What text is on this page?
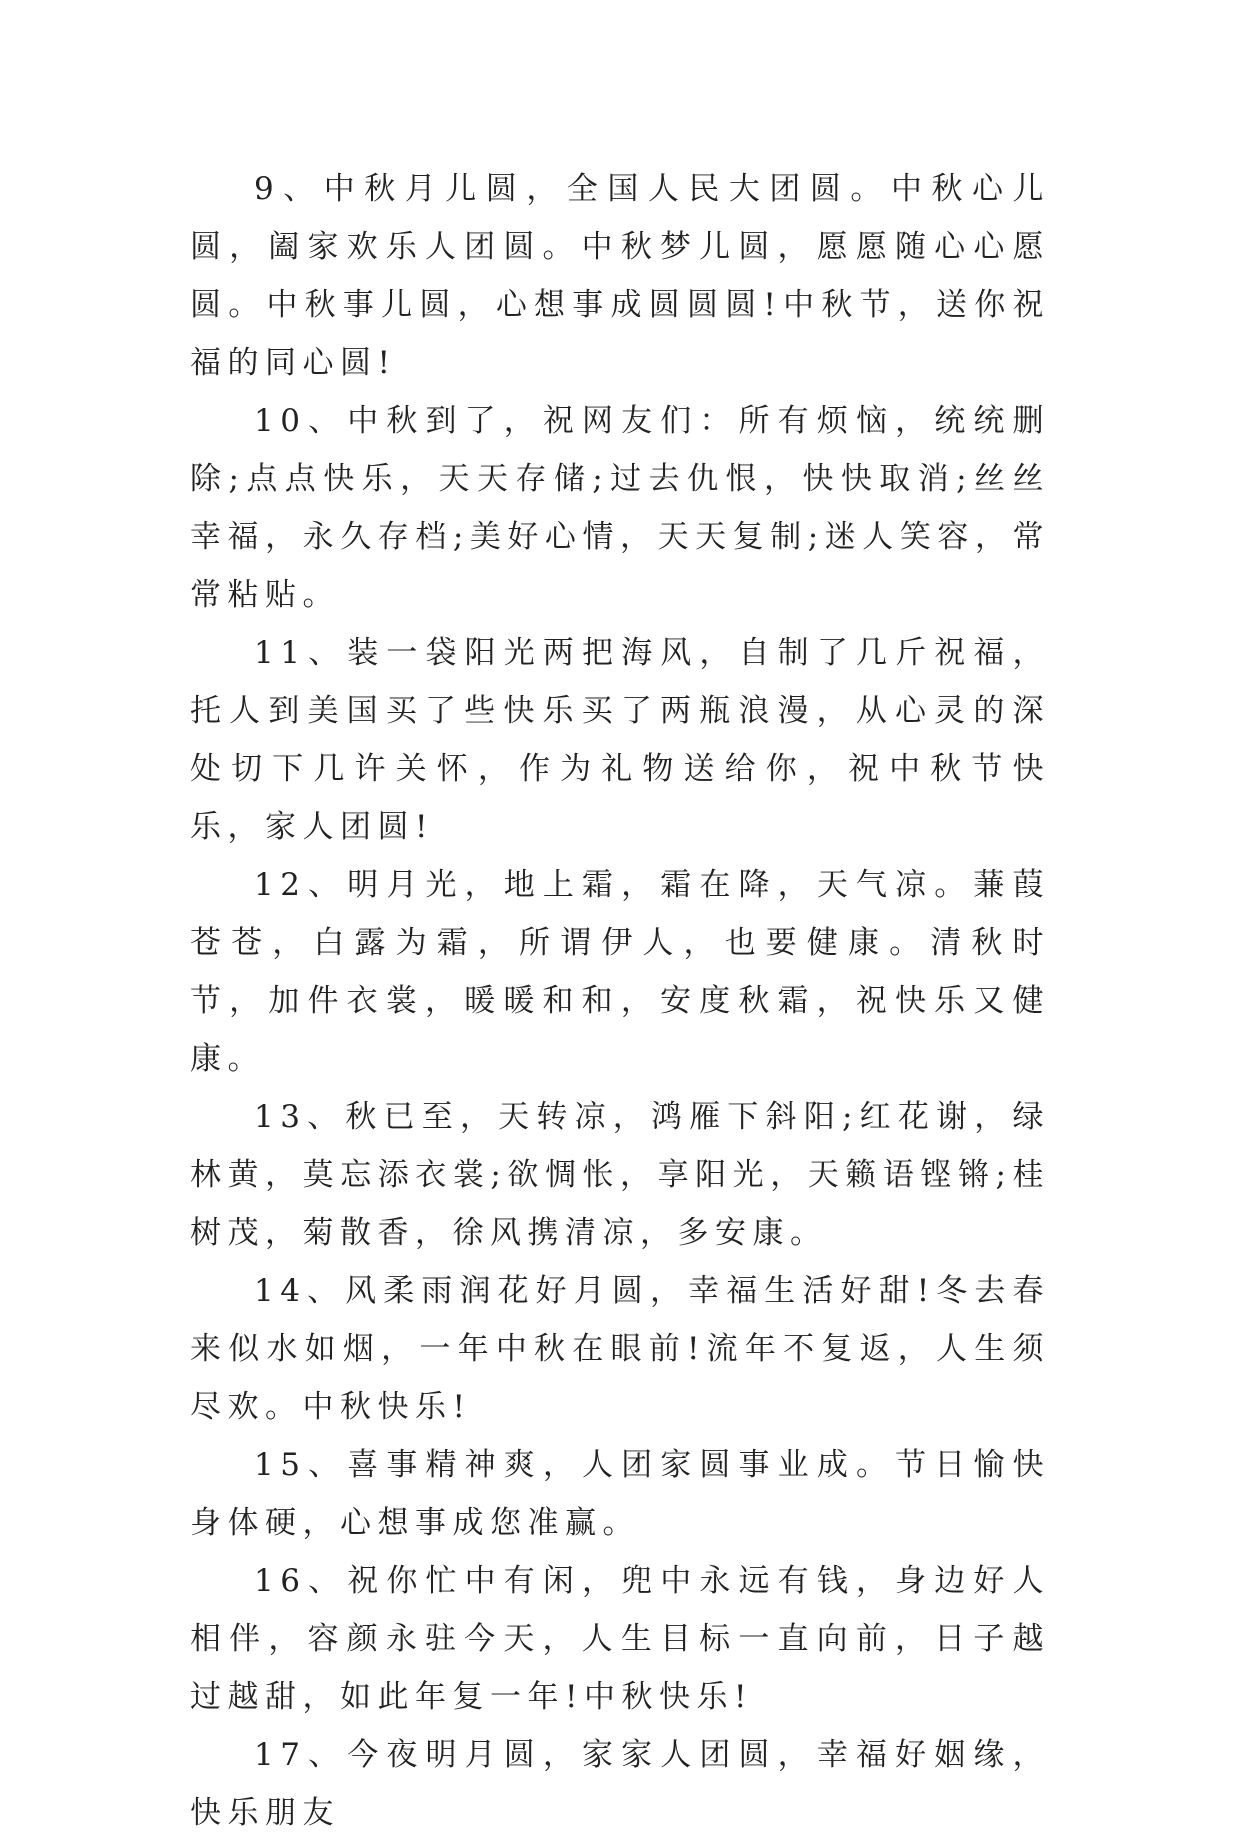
9、中秋月儿圆，全国人民大团圆。中秋心儿圆，阖家欢乐人团圆。中秋梦儿圆，愿愿随心心愿圆。中秋事儿圆，心想事成圆圆圆!中秋节，送你祝福的同心圆!

10、中秋到了，祝网友们：所有烦恼，统统删除;点点快乐，天天存储;过去仇恨，快快取消;丝丝幸福，永久存档;美好心情，天天复制;迷人笑容，常常粘贴。

11、装一袋阳光两把海风，自制了几斤祝福，托人到美国买了些快乐买了两瓶浪漫，从心灵的深处切下几许关怀，作为礼物送给你，祝中秋节快乐，家人团圆!

12、明月光，地上霜，霜在降，天气凉。蒹葭苍苍，白露为霜，所谓伊人，也要健康。清秋时节，加件衣裳，暖暖和和，安度秋霜，祝快乐又健康。

13、秋已至，天转凉，鸿雁下斜阳;红花谢，绿林黄，莫忘添衣裳;欲惆怅，享阳光，天籁语铿锵;桂树茂，菊散香，徐风携清凉，多安康。

14、风柔雨润花好月圆，幸福生活好甜!冬去春来似水如烟，一年中秋在眼前!流年不复返，人生须尽欢。中秋快乐!

15、喜事精神爽，人团家圆事业成。节日愉快身体硬，心想事成您准赢。

16、祝你忙中有闲，兜中永远有钱，身边好人相伴，容颜永驻今天，人生目标一直向前，日子越过越甜，如此年复一年!中秋快乐!

17、今夜明月圆，家家人团圆，幸福好姻缘，快乐朋友
